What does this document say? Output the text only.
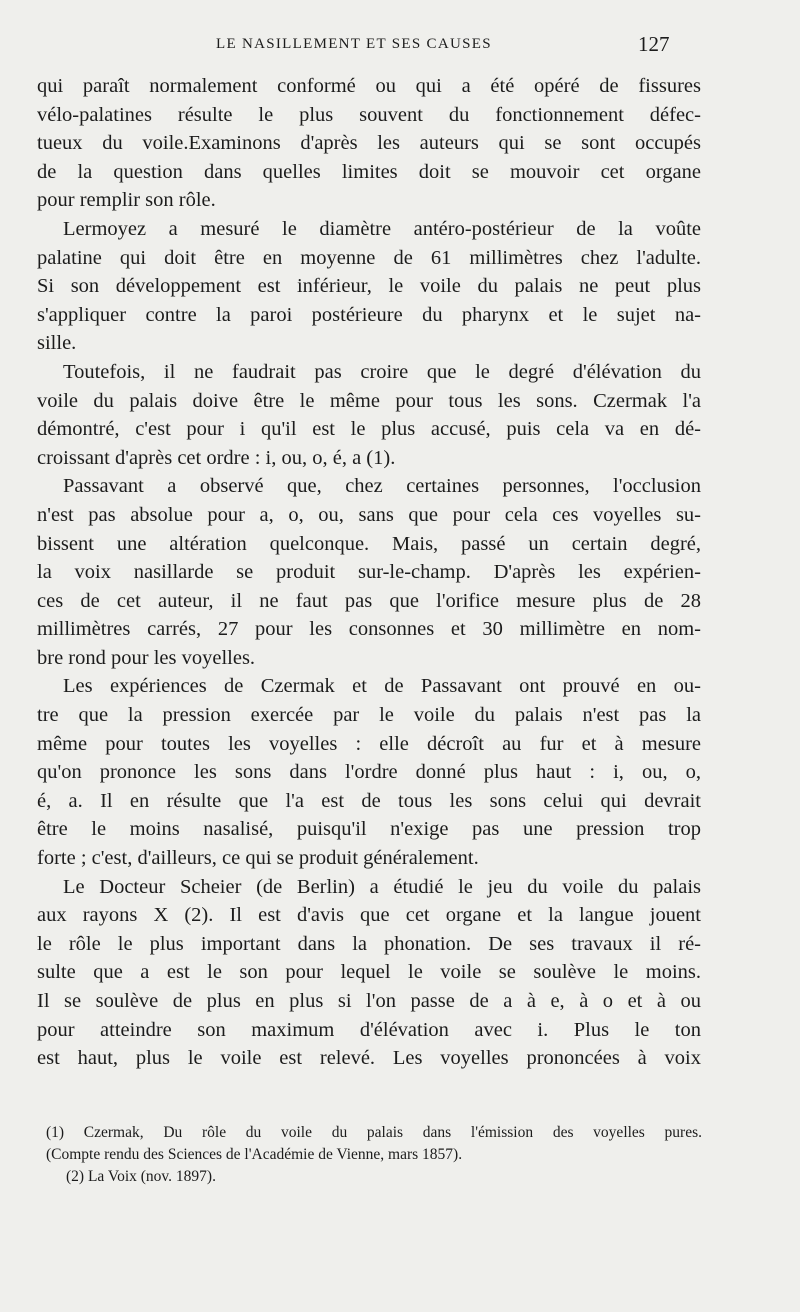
LE NASILLEMENT ET SES CAUSES	127
qui paraît normalement conformé ou qui a été opéré de fissures
vélo-palatines résulte le plus souvent du fonctionnement défec-
tueux du voile.Examinons d'après les auteurs qui se sont occupés
de la question dans quelles limites doit se mouvoir cet organe
pour remplir son rôle.
Lermoyez a mesuré le diamètre antéro-postérieur de la voûte
palatine qui doit être en moyenne de 61 millimètres chez l'adulte.
Si son développement est inférieur, le voile du palais ne peut plus
s'appliquer contre la paroi postérieure du pharynx et le sujet na-
sille.
Toutefois, il ne faudrait pas croire que le degré d'élévation du
voile du palais doive être le même pour tous les sons. Czermak l'a
démontré, c'est pour i qu'il est le plus accusé, puis cela va en dé-
croissant d'après cet ordre : i, ou, o, é, a (1).
Passavant a observé que, chez certaines personnes, l'occlusion
n'est pas absolue pour a, o, ou, sans que pour cela ces voyelles su-
bissent une altération quelconque. Mais, passé un certain degré,
la voix nasillarde se produit sur-le-champ. D'après les expérien-
ces de cet auteur, il ne faut pas que l'orifice mesure plus de 28
millimètres carrés, 27 pour les consonnes et 30 millimètre en nom-
bre rond pour les voyelles.
Les expériences de Czermak et de Passavant ont prouvé en ou-
tre que la pression exercée par le voile du palais n'est pas la
même pour toutes les voyelles : elle décroît au fur et à mesure
qu'on prononce les sons dans l'ordre donné plus haut : i, ou, o,
é, a. Il en résulte que l'a est de tous les sons celui qui devrait
être le moins nasalisé, puisqu'il n'exige pas une pression trop
forte ; c'est, d'ailleurs, ce qui se produit généralement.
Le Docteur Scheier (de Berlin) a étudié le jeu du voile du palais
aux rayons X (2). Il est d'avis que cet organe et la langue jouent
le rôle le plus important dans la phonation. De ses travaux il ré-
sulte que a est le son pour lequel le voile se soulève le moins.
Il se soulève de plus en plus si l'on passe de a à e, à o et à ou
pour atteindre son maximum d'élévation avec i. Plus le ton
est haut, plus le voile est relevé. Les voyelles prononcées à voix
(1) Czermak, Du rôle du voile du palais dans l'émission des voyelles pures.
(Compte rendu des Sciences de l'Académie de Vienne, mars 1857).
(2) La Voix (nov. 1897).
